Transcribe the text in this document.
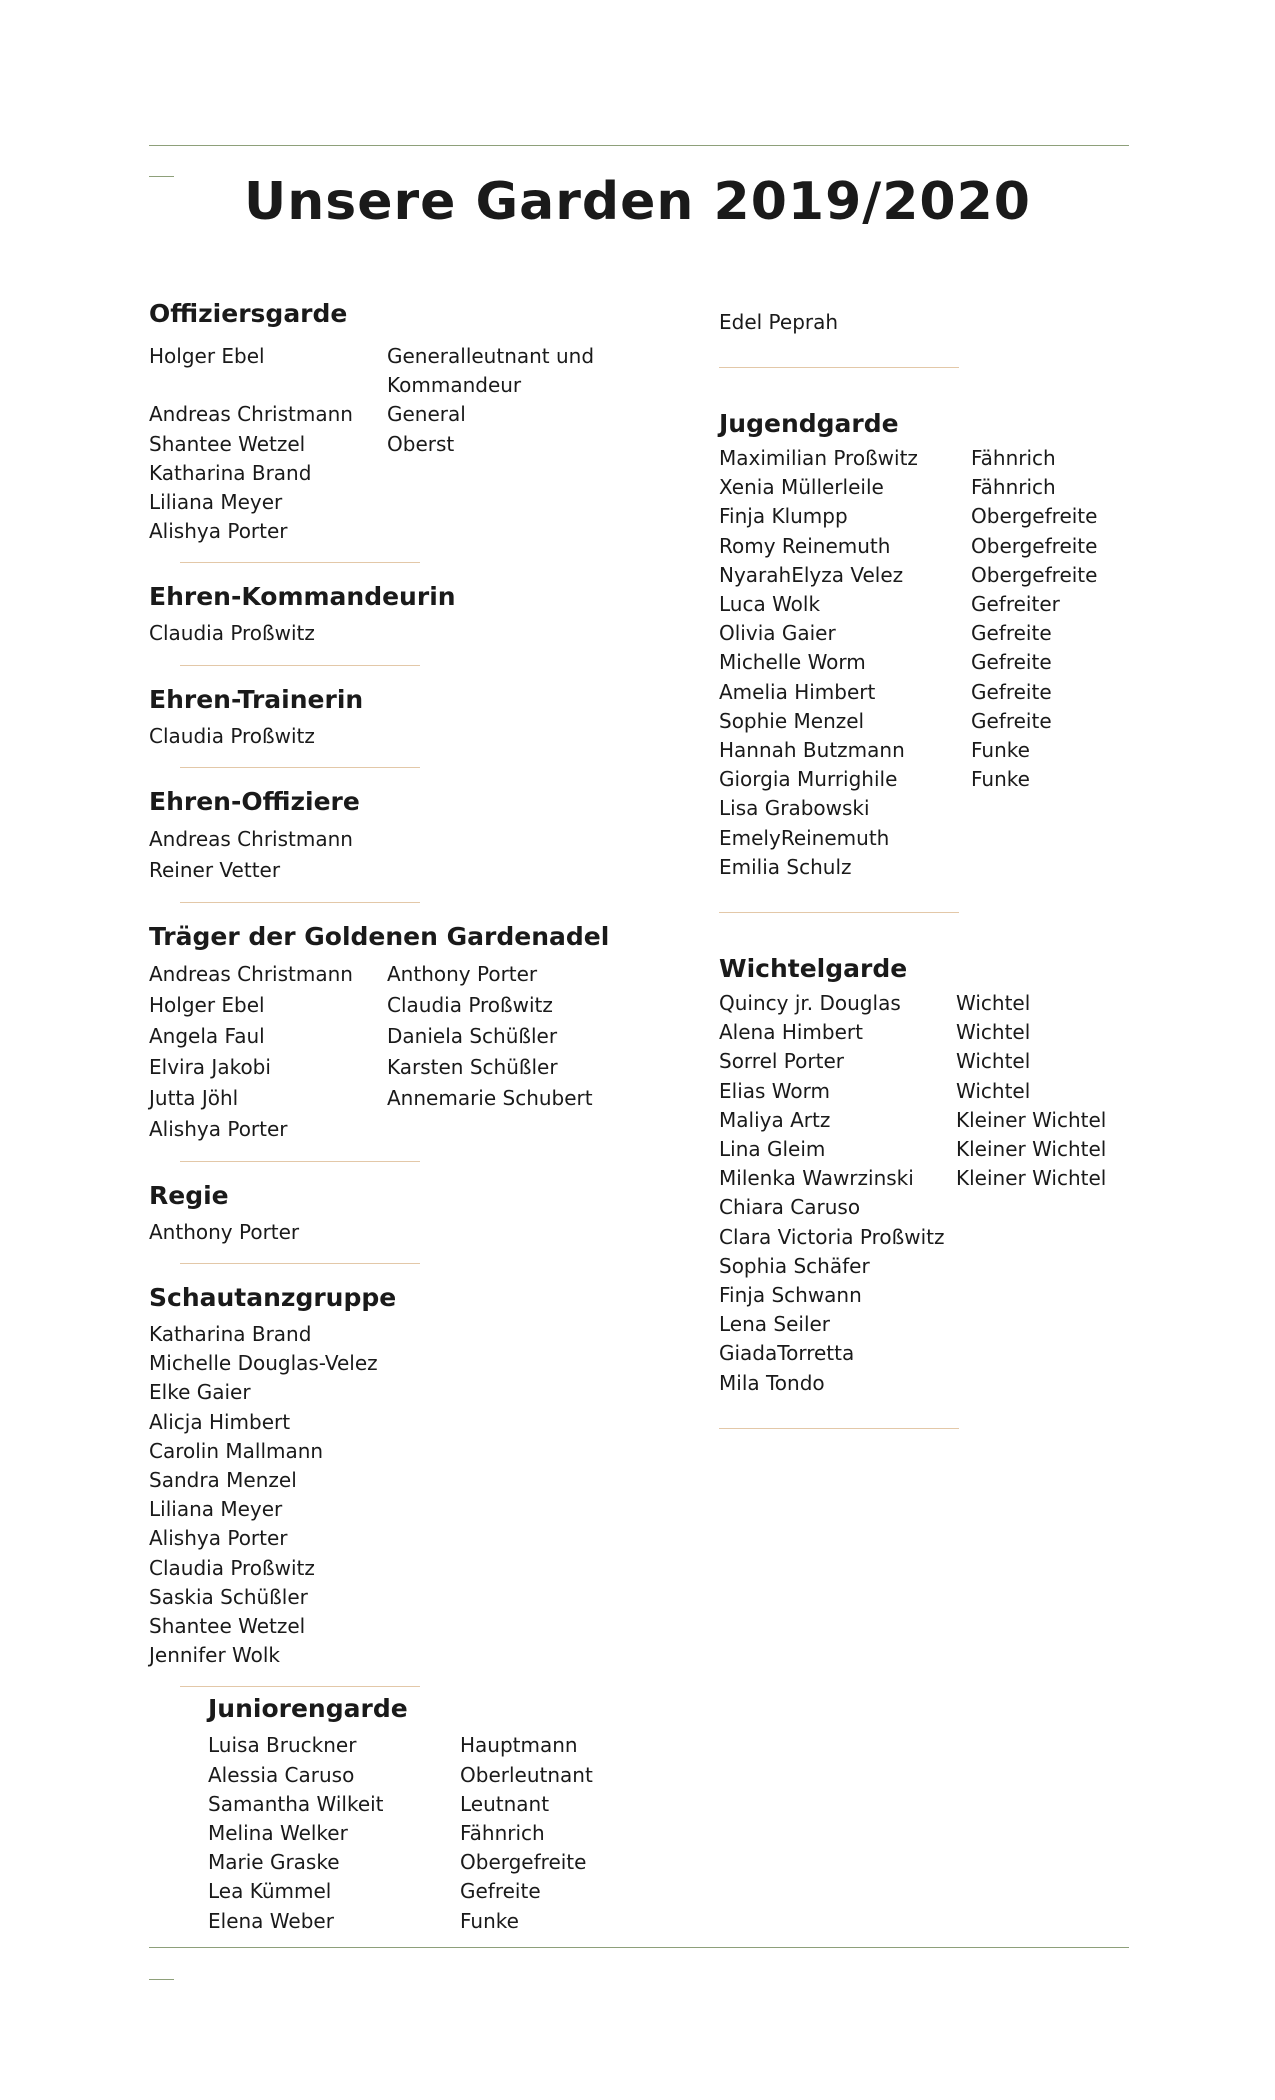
Unsere Garden 2019/2020
Offiziersgarde
Holger Ebel	Generalleutnant und Kommandeur
Andreas Christmann	General
Shantee Wetzel	Oberst
Katharina Brand
Liliana Meyer
Alishya Porter
Ehren-Kommandeurin
Claudia Proßwitz
Ehren-Trainerin
Claudia Proßwitz
Ehren-Offiziere
Andreas Christmann
Reiner Vetter
Träger der Goldenen Gardenadel
Andreas Christmann	Anthony Porter
Holger Ebel	Claudia Proßwitz
Angela Faul	Daniela Schüßler
Elvira Jakobi	Karsten Schüßler
Jutta Jöhl	Annemarie Schubert
Alishya Porter
Regie
Anthony Porter
Schautanzgruppe
Katharina Brand
Michelle Douglas-Velez
Elke Gaier
Alicja Himbert
Carolin Mallmann
Sandra Menzel
Liliana Meyer
Alishya Porter
Claudia Proßwitz
Saskia Schüßler
Shantee Wetzel
Jennifer Wolk
Juniorengarde
Luisa Bruckner	Hauptmann
Alessia Caruso	Oberleutnant
Samantha Wilkeit	Leutnant
Melina Welker	Fähnrich
Marie Graske	Obergefreite
Lea Kümmel	Gefreite
Elena Weber	Funke
Edel Peprah
Jugendgarde
Maximilian Proßwitz	Fähnrich
Xenia Müllerleile	Fähnrich
Finja Klumpp	Obergefreite
Romy Reinemuth	Obergefreite
NyarahElyza Velez	Obergefreite
Luca Wolk	Gefreiter
Olivia Gaier	Gefreite
Michelle Worm	Gefreite
Amelia Himbert	Gefreite
Sophie Menzel	Gefreite
Hannah Butzmann	Funke
Giorgia Murrighile	Funke
Lisa Grabowski
EmelyReinemuth
Emilia Schulz
Wichtelgarde
Quincy jr. Douglas	Wichtel
Alena Himbert	Wichtel
Sorrel Porter	Wichtel
Elias Worm	Wichtel
Maliya Artz	Kleiner Wichtel
Lina Gleim	Kleiner Wichtel
Milenka Wawrzinski	Kleiner Wichtel
Chiara Caruso
Clara Victoria Proßwitz
Sophia Schäfer
Finja Schwann
Lena Seiler
GiadaTorretta
Mila Tondo
